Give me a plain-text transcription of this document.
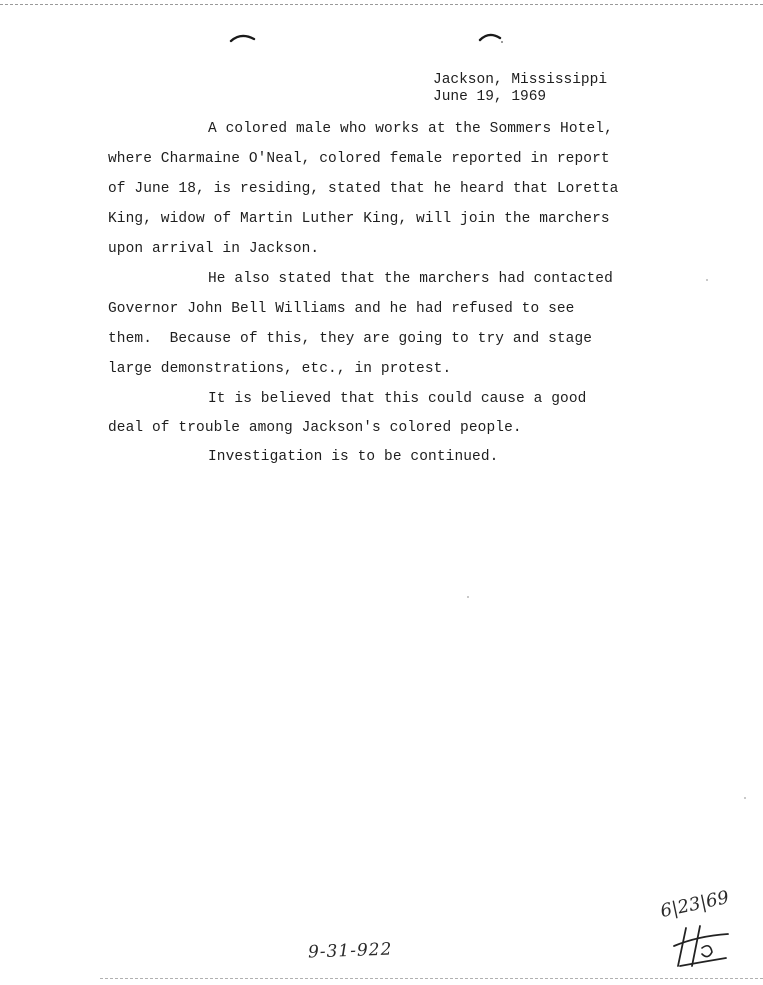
Jackson, Mississippi
June 19, 1969
A colored male who works at the Sommers Hotel,
where Charmaine O'Neal, colored female reported in report
of June 18, is residing, stated that he heard that Loretta
King, widow of Martin Luther King, will join the marchers
upon arrival in Jackson.
He also stated that the marchers had contacted
Governor John Bell Williams and he had refused to see
them.  Because of this, they are going to try and stage
large demonstrations, etc., in protest.
It is believed that this could cause a good
deal of trouble among Jackson's colored people.
Investigation is to be continued.
6|23|69
9-31-922
